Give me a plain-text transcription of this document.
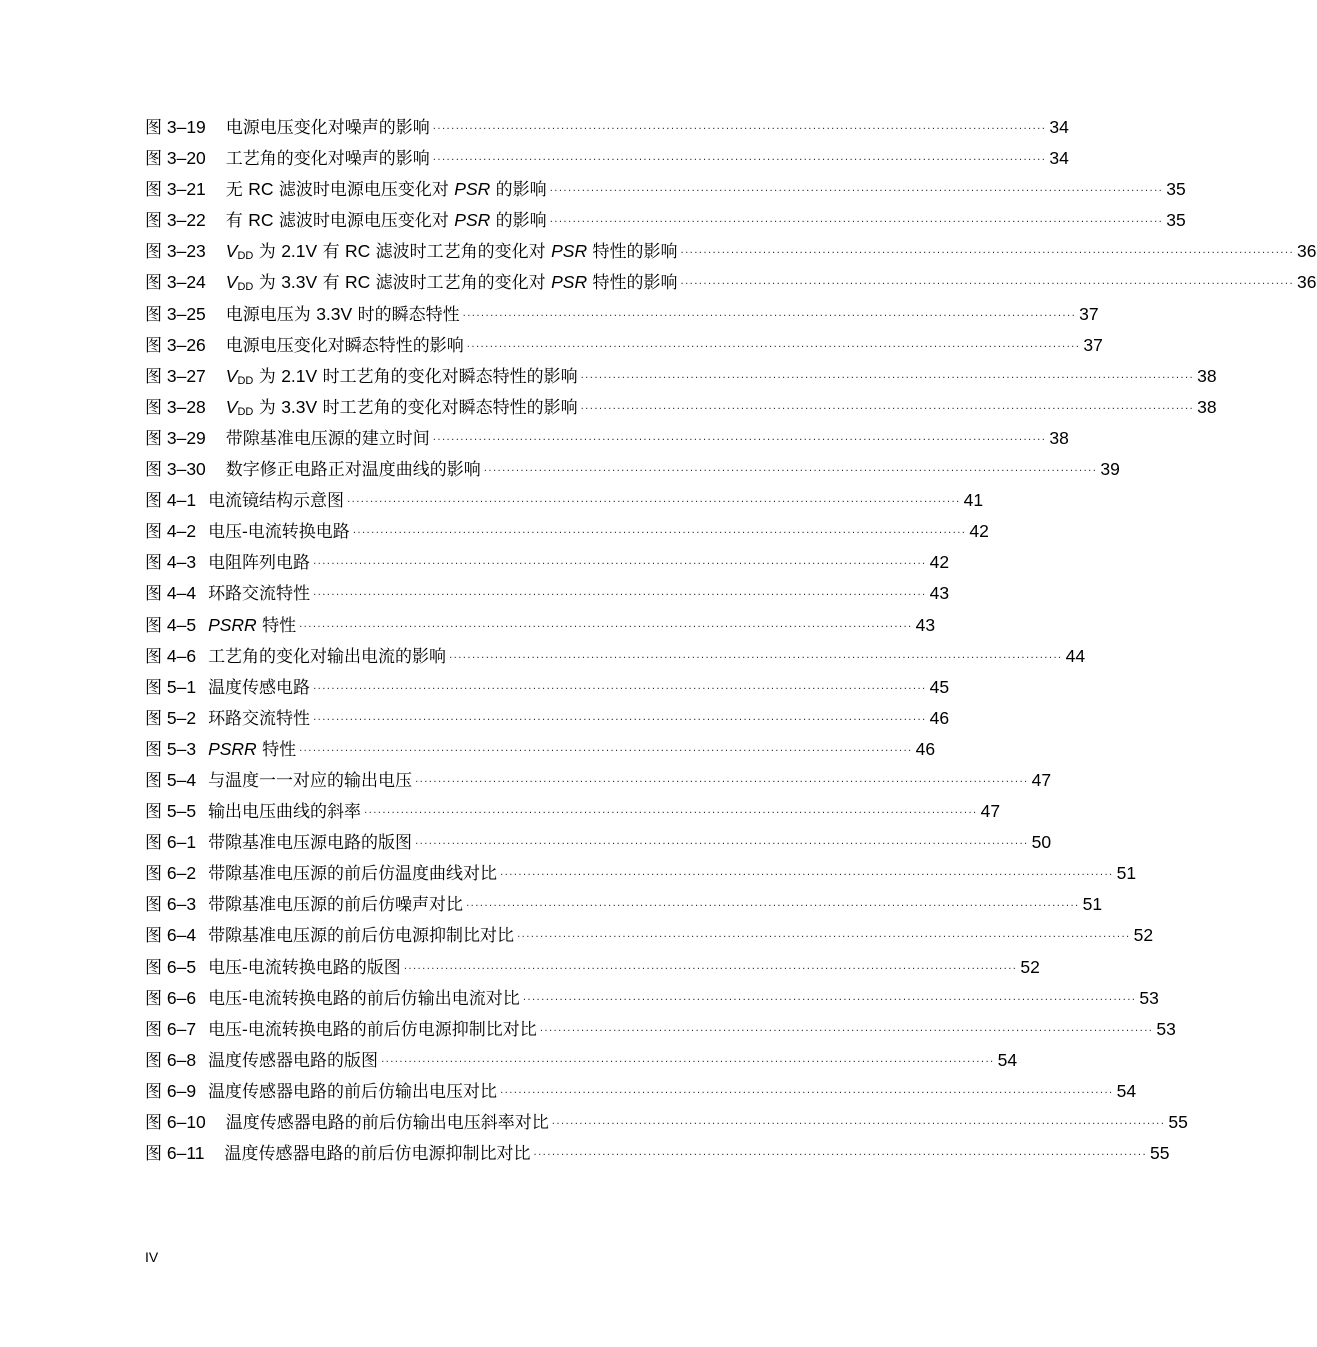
图 3–19	电源电压变化对噪声的影响 ······································································································································ 34
图 3–20	工艺角的变化对噪声的影响 ······································································································································ 34
图 3–21	无 RC 滤波时电源电压变化对 PSR 的影响 ······································································································································ 35
图 3–22	有 RC 滤波时电源电压变化对 PSR 的影响 ······································································································································ 35
图 3–23	$V_{DD}$ 为 2.1V 有 RC 滤波时工艺角的变化对 PSR 特性的影响 ······································································································································ 36
图 3–24	$V_{DD}$ 为 3.3V 有 RC 滤波时工艺角的变化对 PSR 特性的影响 ······································································································································ 36
图 3–25	电源电压为 3.3V 时的瞬态特性 ······································································································································ 37
图 3–26	电源电压变化对瞬态特性的影响 ······································································································································ 37
图 3–27	$V_{DD}$ 为 2.1V 时工艺角的变化对瞬态特性的影响 ······································································································································ 38
图 3–28	$V_{DD}$ 为 3.3V 时工艺角的变化对瞬态特性的影响 ······································································································································ 38
图 3–29	带隙基准电压源的建立时间 ······································································································································ 38
图 3–30	数字修正电路正对温度曲线的影响 ······································································································································ 39
图 4–1 电流镜结构示意图 ······································································································································ 41
图 4–2 电压-电流转换电路 ······································································································································ 42
图 4–3 电阻阵列电路 ······································································································································ 42
图 4–4 环路交流特性 ······································································································································ 43
图 4–5 PSRR 特性 ······································································································································ 43
图 4–6 工艺角的变化对输出电流的影响 ······································································································································ 44
图 5–1 温度传感电路 ······································································································································ 45
图 5–2 环路交流特性 ······································································································································ 46
图 5–3 PSRR 特性 ······································································································································ 46
图 5–4 与温度一一对应的输出电压 ······································································································································ 47
图 5–5 输出电压曲线的斜率 ······································································································································ 47
图 6–1 带隙基准电压源电路的版图 ······································································································································ 50
图 6–2 带隙基准电压源的前后仿温度曲线对比 ······································································································································ 51
图 6–3 带隙基准电压源的前后仿噪声对比 ······································································································································ 51
图 6–4 带隙基准电压源的前后仿电源抑制比对比 ······································································································································ 52
图 6–5 电压-电流转换电路的版图 ······································································································································ 52
图 6–6 电压-电流转换电路的前后仿输出电流对比 ······································································································································ 53
图 6–7 电压-电流转换电路的前后仿电源抑制比对比 ······································································································································ 53
图 6–8 温度传感器电路的版图 ······································································································································ 54
图 6–9 温度传感器电路的前后仿输出电压对比 ······································································································································ 54
图 6–10	温度传感器电路的前后仿输出电压斜率对比 ······································································································································ 55
图 6–11	温度传感器电路的前后仿电源抑制比对比 ······································································································································ 55
IV
